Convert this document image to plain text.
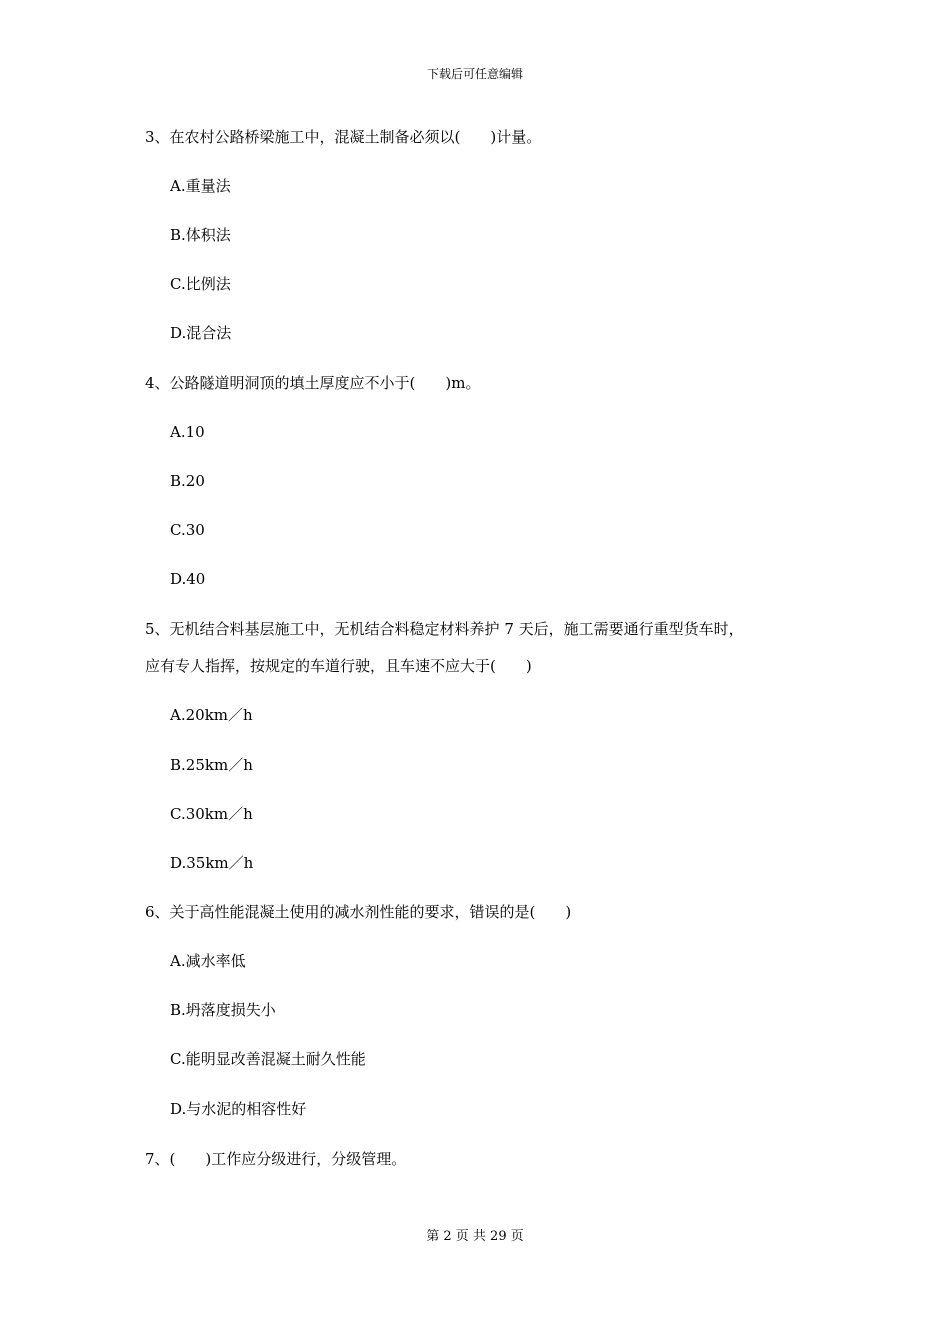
下载后可任意编辑
3、在农村公路桥梁施工中，混凝土制备必须以(　　)计量。
A.重量法
B.体积法
C.比例法
D.混合法
4、公路隧道明洞顶的填土厚度应不小于(　　)m。
A.10
B.20
C.30
D.40
5、无机结合料基层施工中，无机结合料稳定材料养护 7 天后，施工需要通行重型货车时，
应有专人指挥，按规定的车道行驶，且车速不应大于(　　)
A.20km／h
B.25km／h
C.30km／h
D.35km／h
6、关于高性能混凝土使用的减水剂性能的要求，错误的是(　　)
A.减水率低
B.坍落度损失小
C.能明显改善混凝土耐久性能
D.与水泥的相容性好
7、(　　)工作应分级进行，分级管理。
第 2 页 共 29 页
